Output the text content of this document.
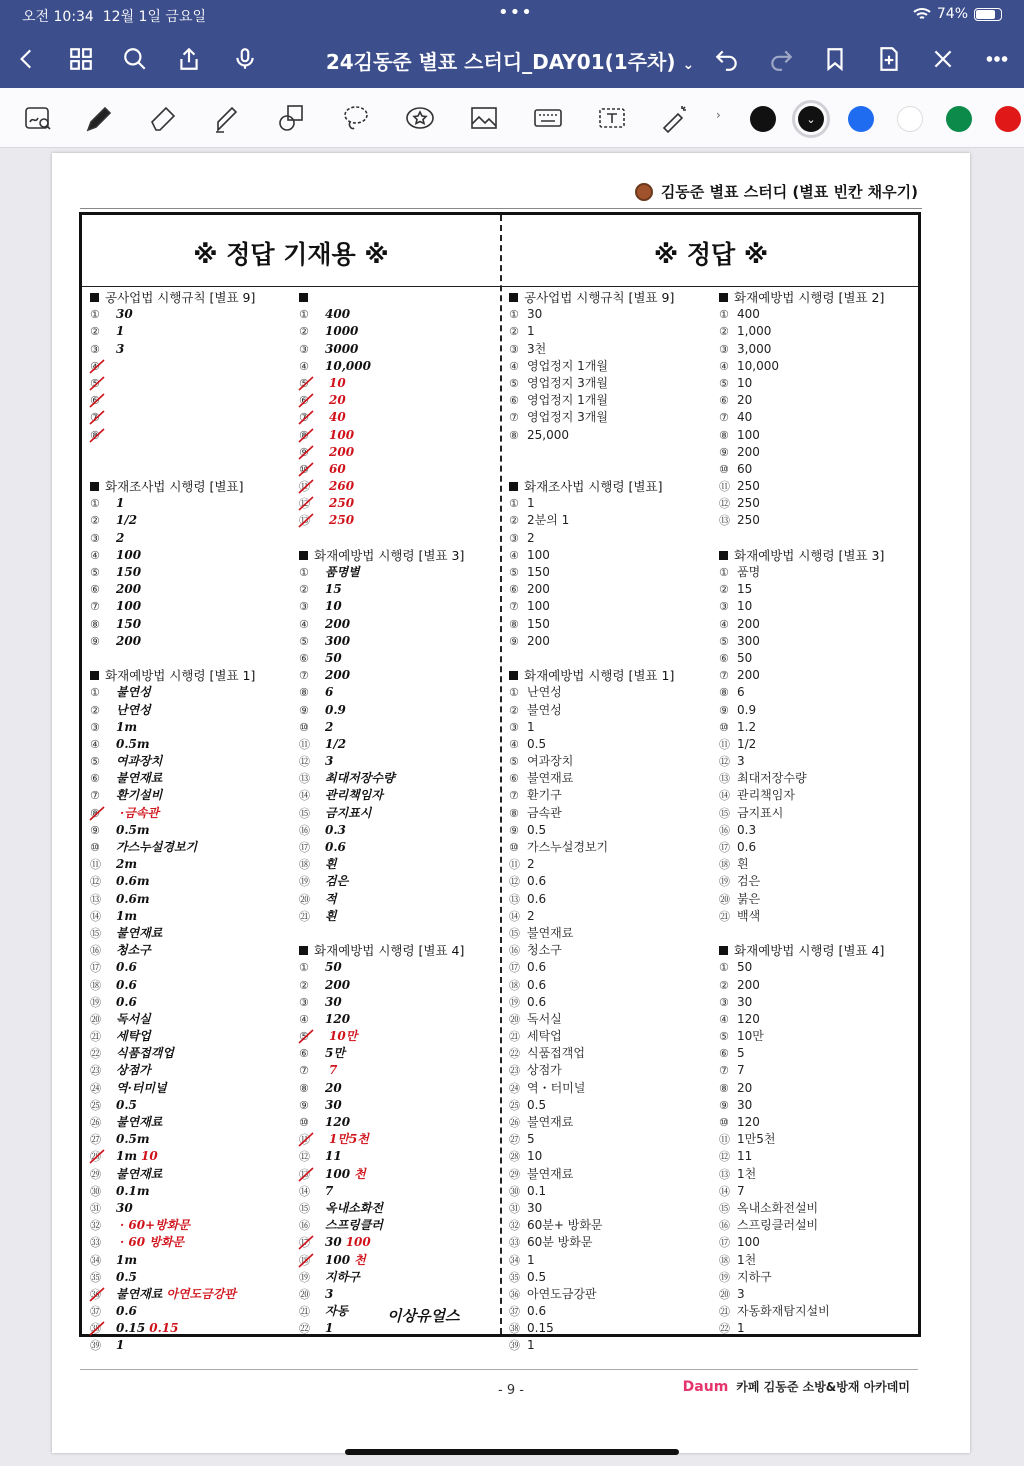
오전 10:34 12월 1일 금요일	•••	74%
24김동준 별표 스터디_DAY01(1주차) ⌄
›	⌄
김동준 별표 스터디 (별표 빈칸 채우기)
※ 정답 기재용 ※	※ 정답 ※
공사업법 시행규칙 [별표 9]
① 30
② 1
③ 3
④
⑤
⑥
⑦
⑧
화재조사법 시행령 [별표]
① 1
② 1/2
③ 2
④ 100
⑤ 150
⑥ 200
⑦ 100
⑧ 150
⑨ 200
화재예방법 시행령 [별표 1]
① 불연성
② 난연성
③ 1m
④ 0.5m
⑤ 여과장치
⑥ 불연재료
⑦ 환기설비
⑧ ·금속관
⑨ 0.5m
⑩ 가스누설경보기
⑪ 2m
⑫ 0.6m
⑬ 0.6m
⑭ 1m
⑮ 불연재료
⑯ 청소구
⑰ 0.6
⑱ 0.6
⑲ 0.6
⑳ 독서실
㉑ 세탁업
㉒ 식품접객업
㉓ 상점가
㉔ 역·터미널
㉕ 0.5
㉖ 불연재료
㉗ 0.5m
㉘ 1m 10
㉙ 불연재료
㉚ 0.1m
㉛ 30
㉜ · 60+방화문
㉝ · 60 방화문
㉞ 1m
㉟ 0.5
㊱ 불연재료 아연도금강판
㊲ 0.6
㊳ 0.15 0.15
㊴ 1
① 400
② 1000
③ 3000
④ 10,000
⑤ 10
⑥ 20
⑦ 40
⑧ 100
⑨ 200
⑩ 60
⑪ 260
⑫ 250
⑬ 250
화재예방법 시행령 [별표 3]
① 품명별
② 15
③ 10
④ 200
⑤ 300
⑥ 50
⑦ 200
⑧ 6
⑨ 0.9
⑩ 2
⑪ 1/2
⑫ 3
⑬ 최대저장수량
⑭ 관리책임자
⑮ 금지표시
⑯ 0.3
⑰ 0.6
⑱ 흰
⑲ 검은
⑳ 적
㉑ 흰
화재예방법 시행령 [별표 4]
① 50
② 200
③ 30
④ 120
⑤ 10만
⑥ 5만
⑦ 7
⑧ 20
⑨ 30
⑩ 120
⑪ 1만5천
⑫ 11
⑬ 100 천
⑭ 7
⑮ 옥내소화전
⑯ 스프링클러
⑰ 30 100
⑱ 100 천
⑲ 지하구
⑳ 3
㉑ 자동
㉒ 1
공사업법 시행규칙 [별표 9]
① 30
② 1
③ 3천
④ 영업정지 1개월
⑤ 영업정지 3개월
⑥ 영업정지 1개월
⑦ 영업정지 3개월
⑧ 25,000
화재조사법 시행령 [별표]
① 1
② 2분의 1
③ 2
④ 100
⑤ 150
⑥ 200
⑦ 100
⑧ 150
⑨ 200
화재예방법 시행령 [별표 1]
① 난연성
② 불연성
③ 1
④ 0.5
⑤ 여과장치
⑥ 불연재료
⑦ 환기구
⑧ 금속관
⑨ 0.5
⑩ 가스누설경보기
⑪ 2
⑫ 0.6
⑬ 0.6
⑭ 2
⑮ 불연재료
⑯ 청소구
⑰ 0.6
⑱ 0.6
⑲ 0.6
⑳ 독서실
㉑ 세탁업
㉒ 식품접객업
㉓ 상점가
㉔ 역・터미널
㉕ 0.5
㉖ 불연재료
㉗ 5
㉘ 10
㉙ 불연재료
㉚ 0.1
㉛ 30
㉜ 60분+ 방화문
㉝ 60분 방화문
㉞ 1
㉟ 0.5
㊱ 아연도금강판
㊲ 0.6
㊳ 0.15
㊴ 1
화재예방법 시행령 [별표 2]
① 400
② 1,000
③ 3,000
④ 10,000
⑤ 10
⑥ 20
⑦ 40
⑧ 100
⑨ 200
⑩ 60
⑪ 250
⑫ 250
⑬ 250
화재예방법 시행령 [별표 3]
① 품명
② 15
③ 10
④ 200
⑤ 300
⑥ 50
⑦ 200
⑧ 6
⑨ 0.9
⑩ 1.2
⑪ 1/2
⑫ 3
⑬ 최대저장수량
⑭ 관리책임자
⑮ 금지표시
⑯ 0.3
⑰ 0.6
⑱ 흰
⑲ 검은
⑳ 붉은
㉑ 백색
화재예방법 시행령 [별표 4]
① 50
② 200
③ 30
④ 120
⑤ 10만
⑥ 5
⑦ 7
⑧ 20
⑨ 30
⑩ 120
⑪ 1만5천
⑫ 11
⑬ 1천
⑭ 7
⑮ 옥내소화전설비
⑯ 스프링클러설비
⑰ 100
⑱ 1천
⑲ 지하구
⑳ 3
㉑ 자동화재탐지설비
㉒ 1
이상유얼스
- 9 -	Daum 카페 김동준 소방&방재 아카데미
